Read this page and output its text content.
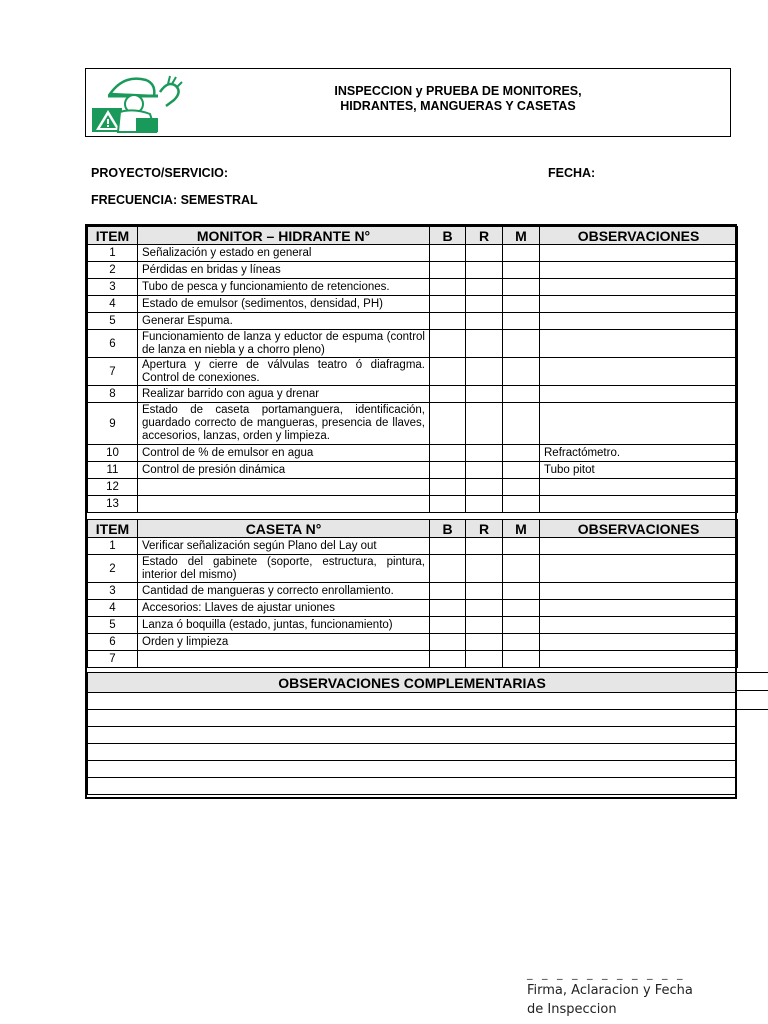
INSPECCION y PRUEBA DE MONITORES,
HIDRANTES, MANGUERAS Y CASETAS
PROYECTO/SERVICIO:	FECHA:
FRECUENCIA: SEMESTRAL
ITEM	MONITOR – HIDRANTE N°	B	R	M	OBSERVACIONES
1	Señalización y estado en general				
2	Pérdidas en bridas y líneas				
3	Tubo de pesca y funcionamiento de retenciones.				
4	Estado de emulsor (sedimentos, densidad, PH)				
5	Generar Espuma.				
6	Funcionamiento de lanza y eductor de espuma (control de lanza en niebla y a chorro pleno)				
7	Apertura y cierre de válvulas teatro ó diafragma. Control de conexiones.				
8	Realizar barrido con agua y drenar				
9	Estado de caseta portamanguera, identificación, guardado correcto de mangueras, presencia de llaves, accesorios, lanzas, orden y limpieza.				
10	Control de % de emulsor en agua				Refractómetro.
11	Control de presión dinámica				Tubo pitot
12					
13					
ITEM	CASETA N°	B	R	M	OBSERVACIONES
1	Verificar señalización según Plano del Lay out				
2	Estado del gabinete (soporte, estructura, pintura, interior del mismo)				
3	Cantidad de mangueras y correcto enrollamiento.				
4	Accesorios: Llaves de ajustar uniones				
5	Lanza ó boquilla (estado, juntas, funcionamiento)				
6	Orden y limpieza				
7					
OBSERVACIONES COMPLEMENTARIAS

_ _ _ _ _ _ _ _ _ _ _
Firma, Aclaracion y Fecha
de Inspeccion
